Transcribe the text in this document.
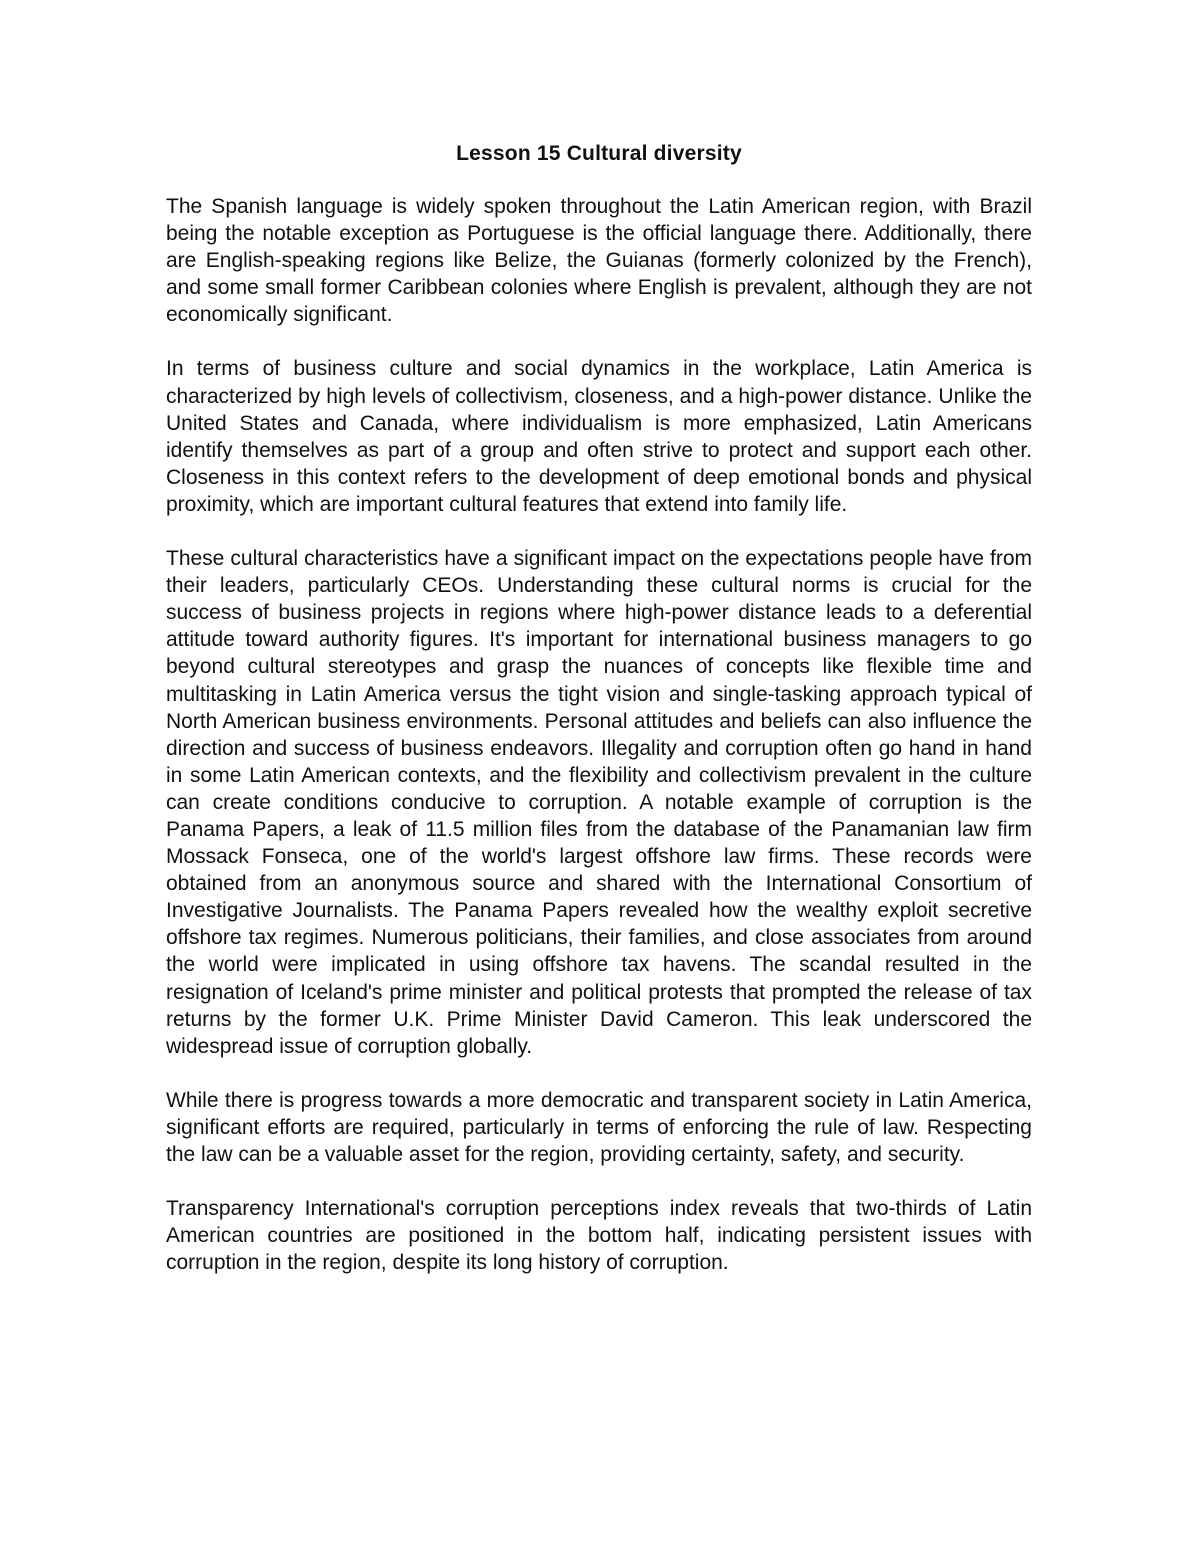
Lesson 15 Cultural diversity

The Spanish language is widely spoken throughout the Latin American region, with Brazil being the notable exception as Portuguese is the official language there. Additionally, there are English-speaking regions like Belize, the Guianas (formerly colonized by the French), and some small former Caribbean colonies where English is prevalent, although they are not economically significant.

In terms of business culture and social dynamics in the workplace, Latin America is characterized by high levels of collectivism, closeness, and a high-power distance. Unlike the United States and Canada, where individualism is more emphasized, Latin Americans identify themselves as part of a group and often strive to protect and support each other. Closeness in this context refers to the development of deep emotional bonds and physical proximity, which are important cultural features that extend into family life.

These cultural characteristics have a significant impact on the expectations people have from their leaders, particularly CEOs. Understanding these cultural norms is crucial for the success of business projects in regions where high-power distance leads to a deferential attitude toward authority figures. It's important for international business managers to go beyond cultural stereotypes and grasp the nuances of concepts like flexible time and multitasking in Latin America versus the tight vision and single-tasking approach typical of North American business environments. Personal attitudes and beliefs can also influence the direction and success of business endeavors. Illegality and corruption often go hand in hand in some Latin American contexts, and the flexibility and collectivism prevalent in the culture can create conditions conducive to corruption. A notable example of corruption is the Panama Papers, a leak of 11.5 million files from the database of the Panamanian law firm Mossack Fonseca, one of the world's largest offshore law firms. These records were obtained from an anonymous source and shared with the International Consortium of Investigative Journalists. The Panama Papers revealed how the wealthy exploit secretive offshore tax regimes. Numerous politicians, their families, and close associates from around the world were implicated in using offshore tax havens. The scandal resulted in the resignation of Iceland's prime minister and political protests that prompted the release of tax returns by the former U.K. Prime Minister David Cameron. This leak underscored the widespread issue of corruption globally.

While there is progress towards a more democratic and transparent society in Latin America, significant efforts are required, particularly in terms of enforcing the rule of law. Respecting the law can be a valuable asset for the region, providing certainty, safety, and security.

Transparency International's corruption perceptions index reveals that two-thirds of Latin American countries are positioned in the bottom half, indicating persistent issues with corruption in the region, despite its long history of corruption.
